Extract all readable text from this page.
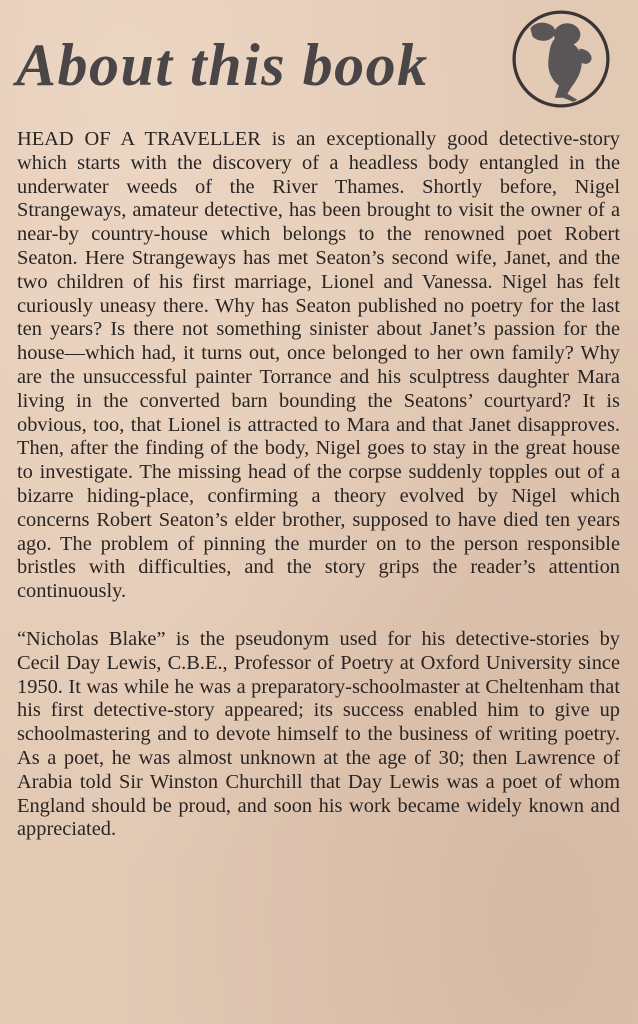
About this book

HEAD OF A TRAVELLER is an exceptionally good detective-story which starts with the discovery of a headless body entangled in the underwater weeds of the River Thames. Shortly before, Nigel Strangeways, amateur detective, has been brought to visit the owner of a near-by country-house which belongs to the renowned poet Robert Seaton. Here Strangeways has met Seaton’s second wife, Janet, and the two children of his first marriage, Lionel and Vanessa. Nigel has felt curiously uneasy there. Why has Seaton published no poetry for the last ten years? Is there not something sinister about Janet’s passion for the house—which had, it turns out, once belonged to her own family? Why are the unsuccessful painter Torrance and his sculptress daughter Mara living in the converted barn bounding the Seatons’ courtyard? It is obvious, too, that Lionel is attracted to Mara and that Janet disapproves. Then, after the finding of the body, Nigel goes to stay in the great house to investigate. The missing head of the corpse suddenly topples out of a bizarre hiding-place, confirming a theory evolved by Nigel which concerns Robert Seaton’s elder brother, supposed to have died ten years ago. The problem of pinning the murder on to the person responsible bristles with difficulties, and the story grips the reader’s attention continuously.

“Nicholas Blake” is the pseudonym used for his detective-stories by Cecil Day Lewis, C.B.E., Professor of Poetry at Oxford University since 1950. It was while he was a preparatory-schoolmaster at Cheltenham that his first detective-story appeared; its success enabled him to give up schoolmastering and to devote himself to the business of writing poetry. As a poet, he was almost unknown at the age of 30; then Lawrence of Arabia told Sir Winston Churchill that Day Lewis was a poet of whom England should be proud, and soon his work became widely known and appreciated.
